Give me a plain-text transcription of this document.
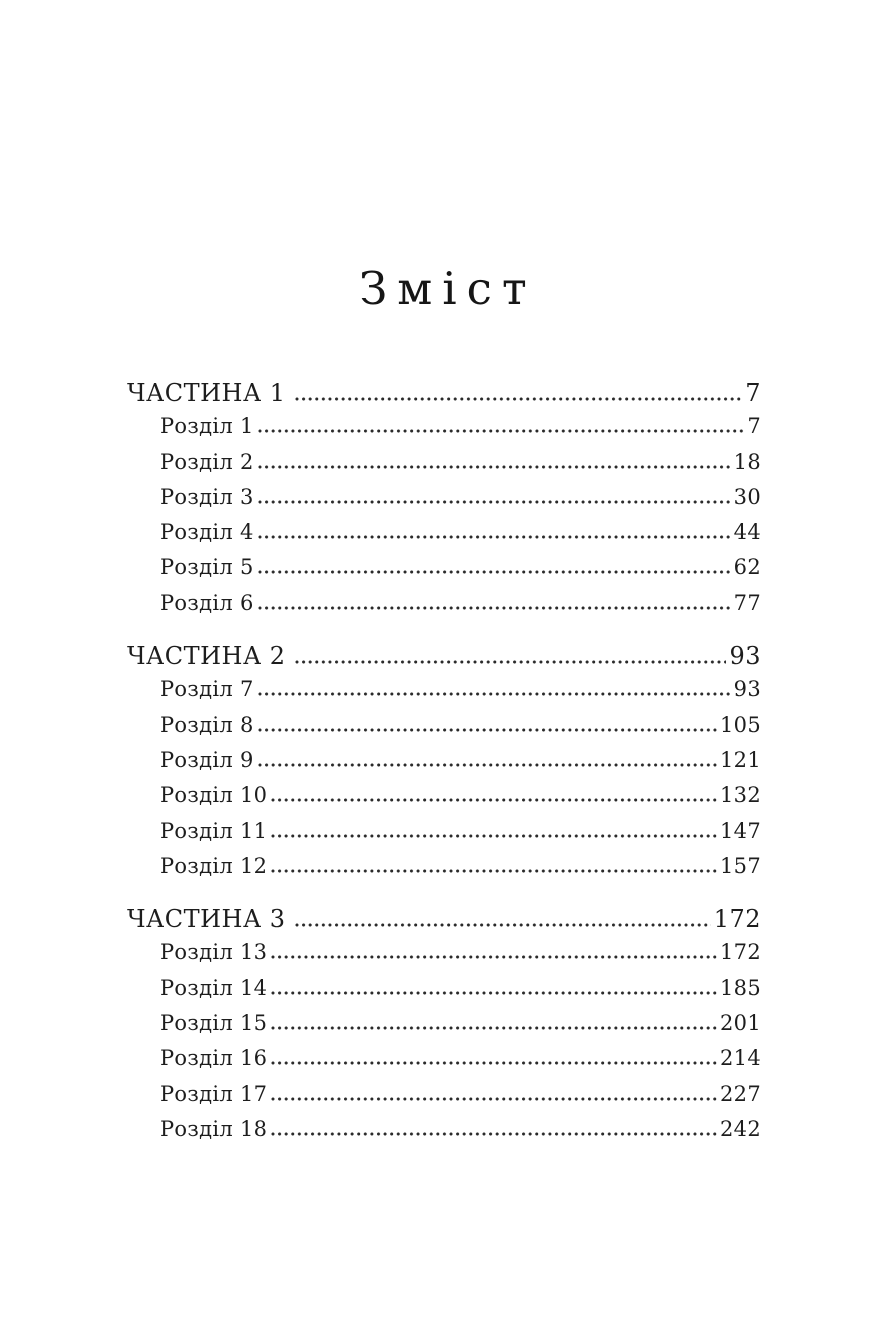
Зміст
ЧАСТИНА 1	7
Розділ 1	7
Розділ 2	18
Розділ 3	30
Розділ 4	44
Розділ 5	62
Розділ 6	77
ЧАСТИНА 2	93
Розділ 7	93
Розділ 8	105
Розділ 9	121
Розділ 10	132
Розділ 11	147
Розділ 12	157
ЧАСТИНА 3	172
Розділ 13	172
Розділ 14	185
Розділ 15	201
Розділ 16	214
Розділ 17	227
Розділ 18	242
